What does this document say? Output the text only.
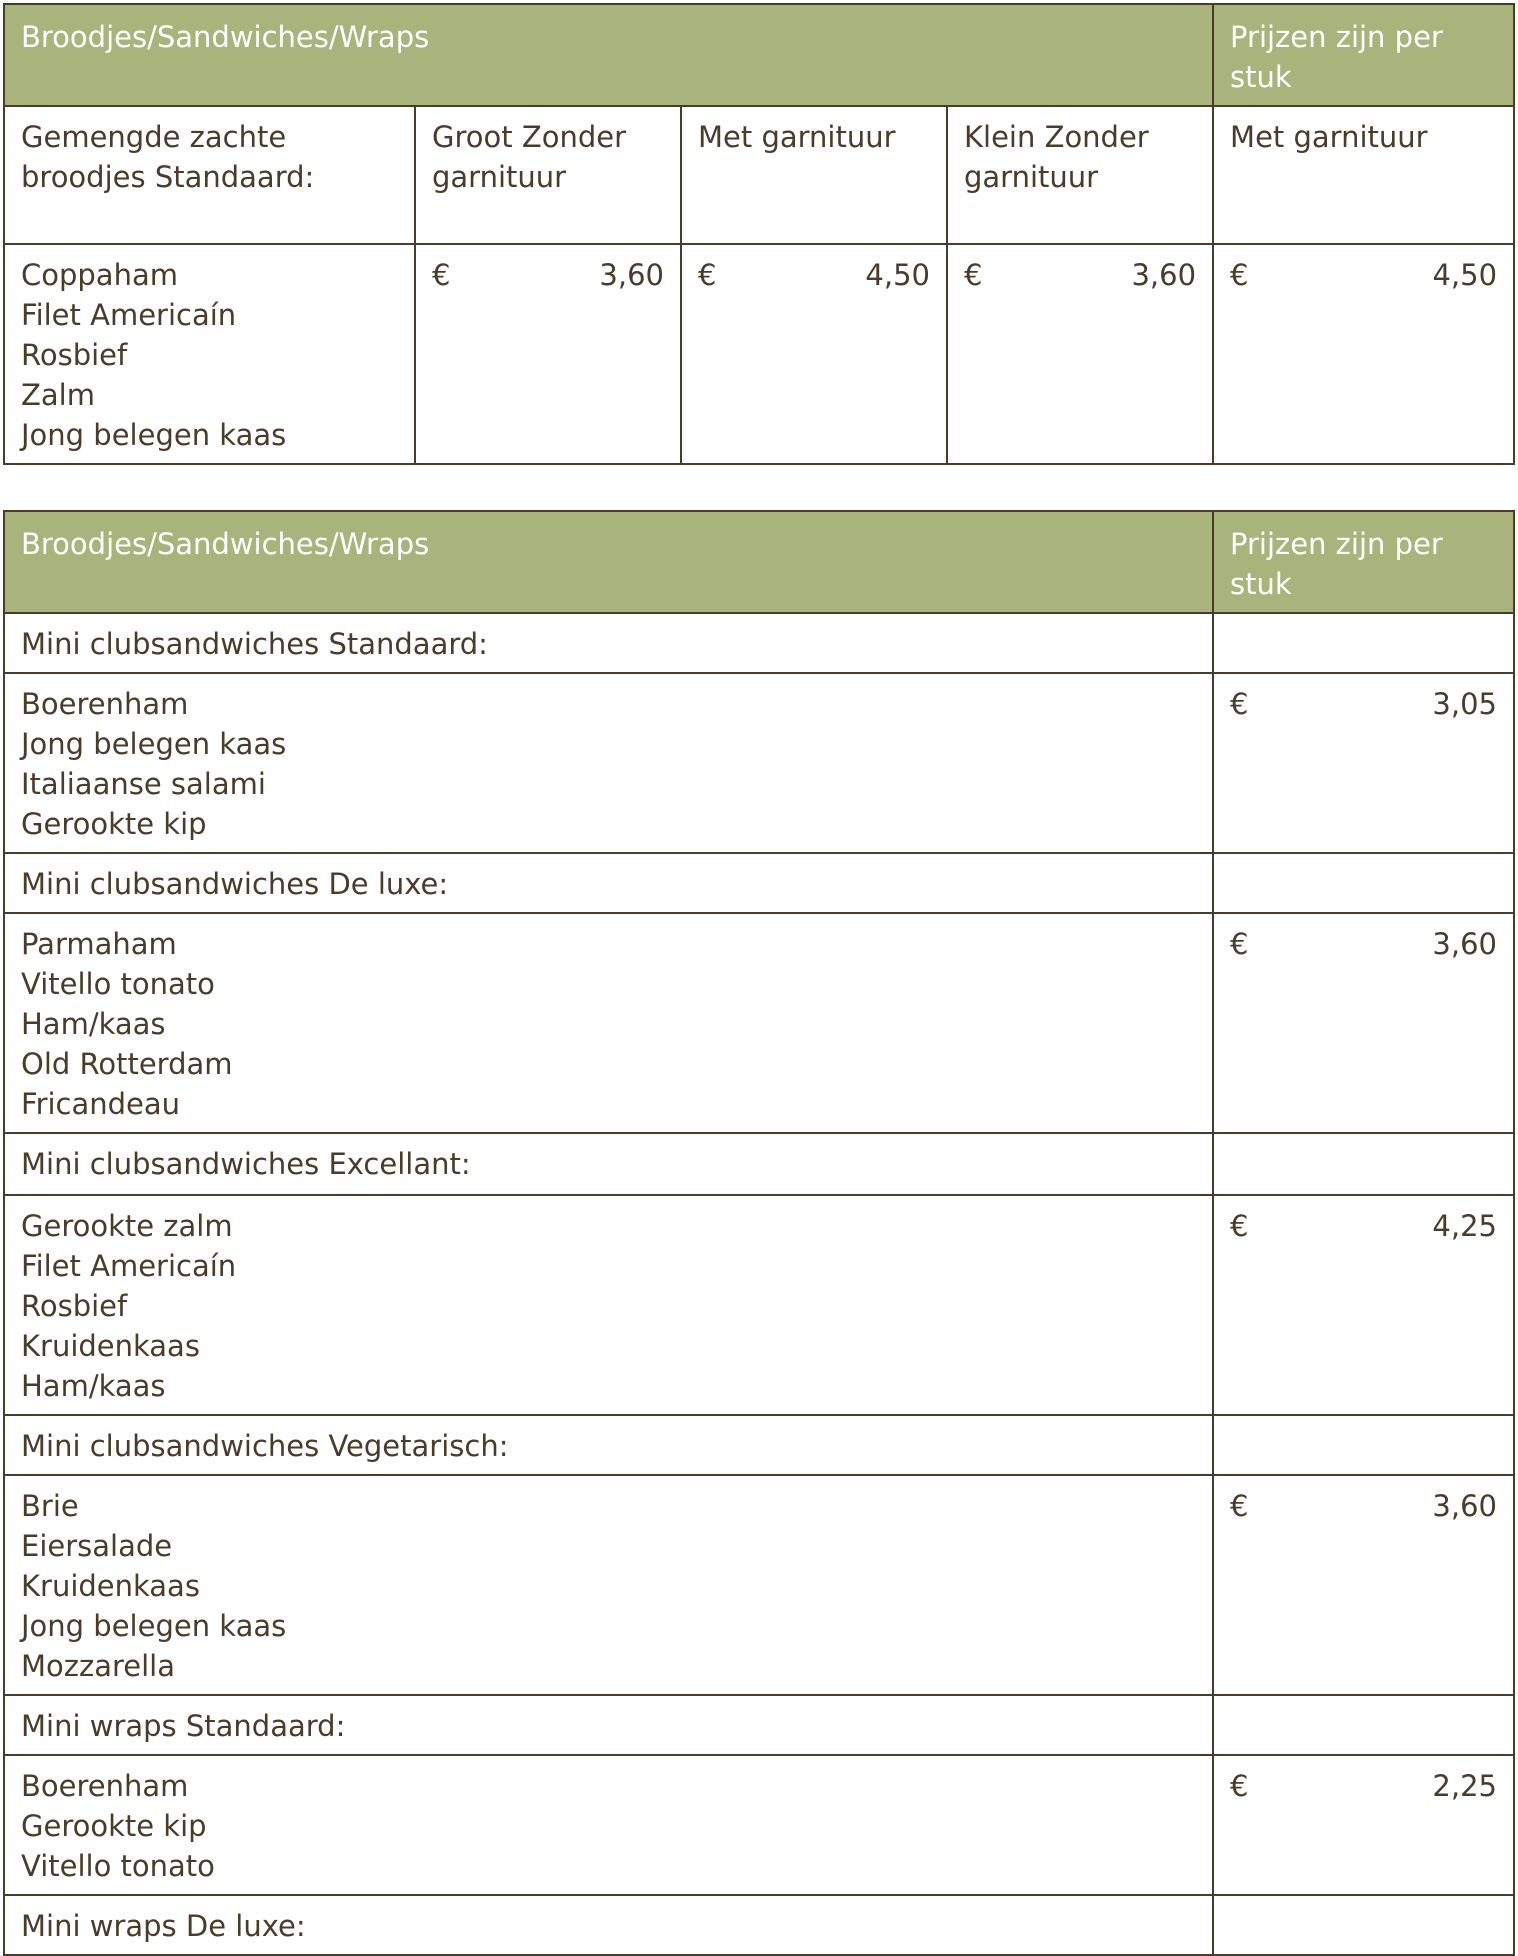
Broodjes/Sandwiches/Wraps				Prijzen zijn per stuk
Gemengde zachte broodjes Standaard:	Groot Zonder garnituur	Met garnituur	Klein Zonder garnituur	Met garnituur

Coppaham
Filet Americaín
Rosbief
Zalm
Jong belegen kaas	€ 3,60	€ 4,50	€ 3,60	€ 4,50
Broodjes/Sandwiches/Wraps	Prijzen zijn per stuk
Mini clubsandwiches Standaard:	

Boerenham
Jong belegen kaas
Italiaanse salami
Gerookte kip	€ 3,05

Mini clubsandwiches De luxe:	

Parmaham
Vitello tonato
Ham/kaas
Old Rotterdam
Fricandeau	€ 3,60

Mini clubsandwiches Excellant:	

Gerookte zalm
Filet Americaín
Rosbief
Kruidenkaas
Ham/kaas	€ 4,25

Mini clubsandwiches Vegetarisch:	

Brie
Eiersalade
Kruidenkaas
Jong belegen kaas
Mozzarella	€ 3,60

Mini wraps Standaard:	

Boerenham
Gerookte kip
Vitello tonato	€ 2,25

Mini wraps De luxe:	
